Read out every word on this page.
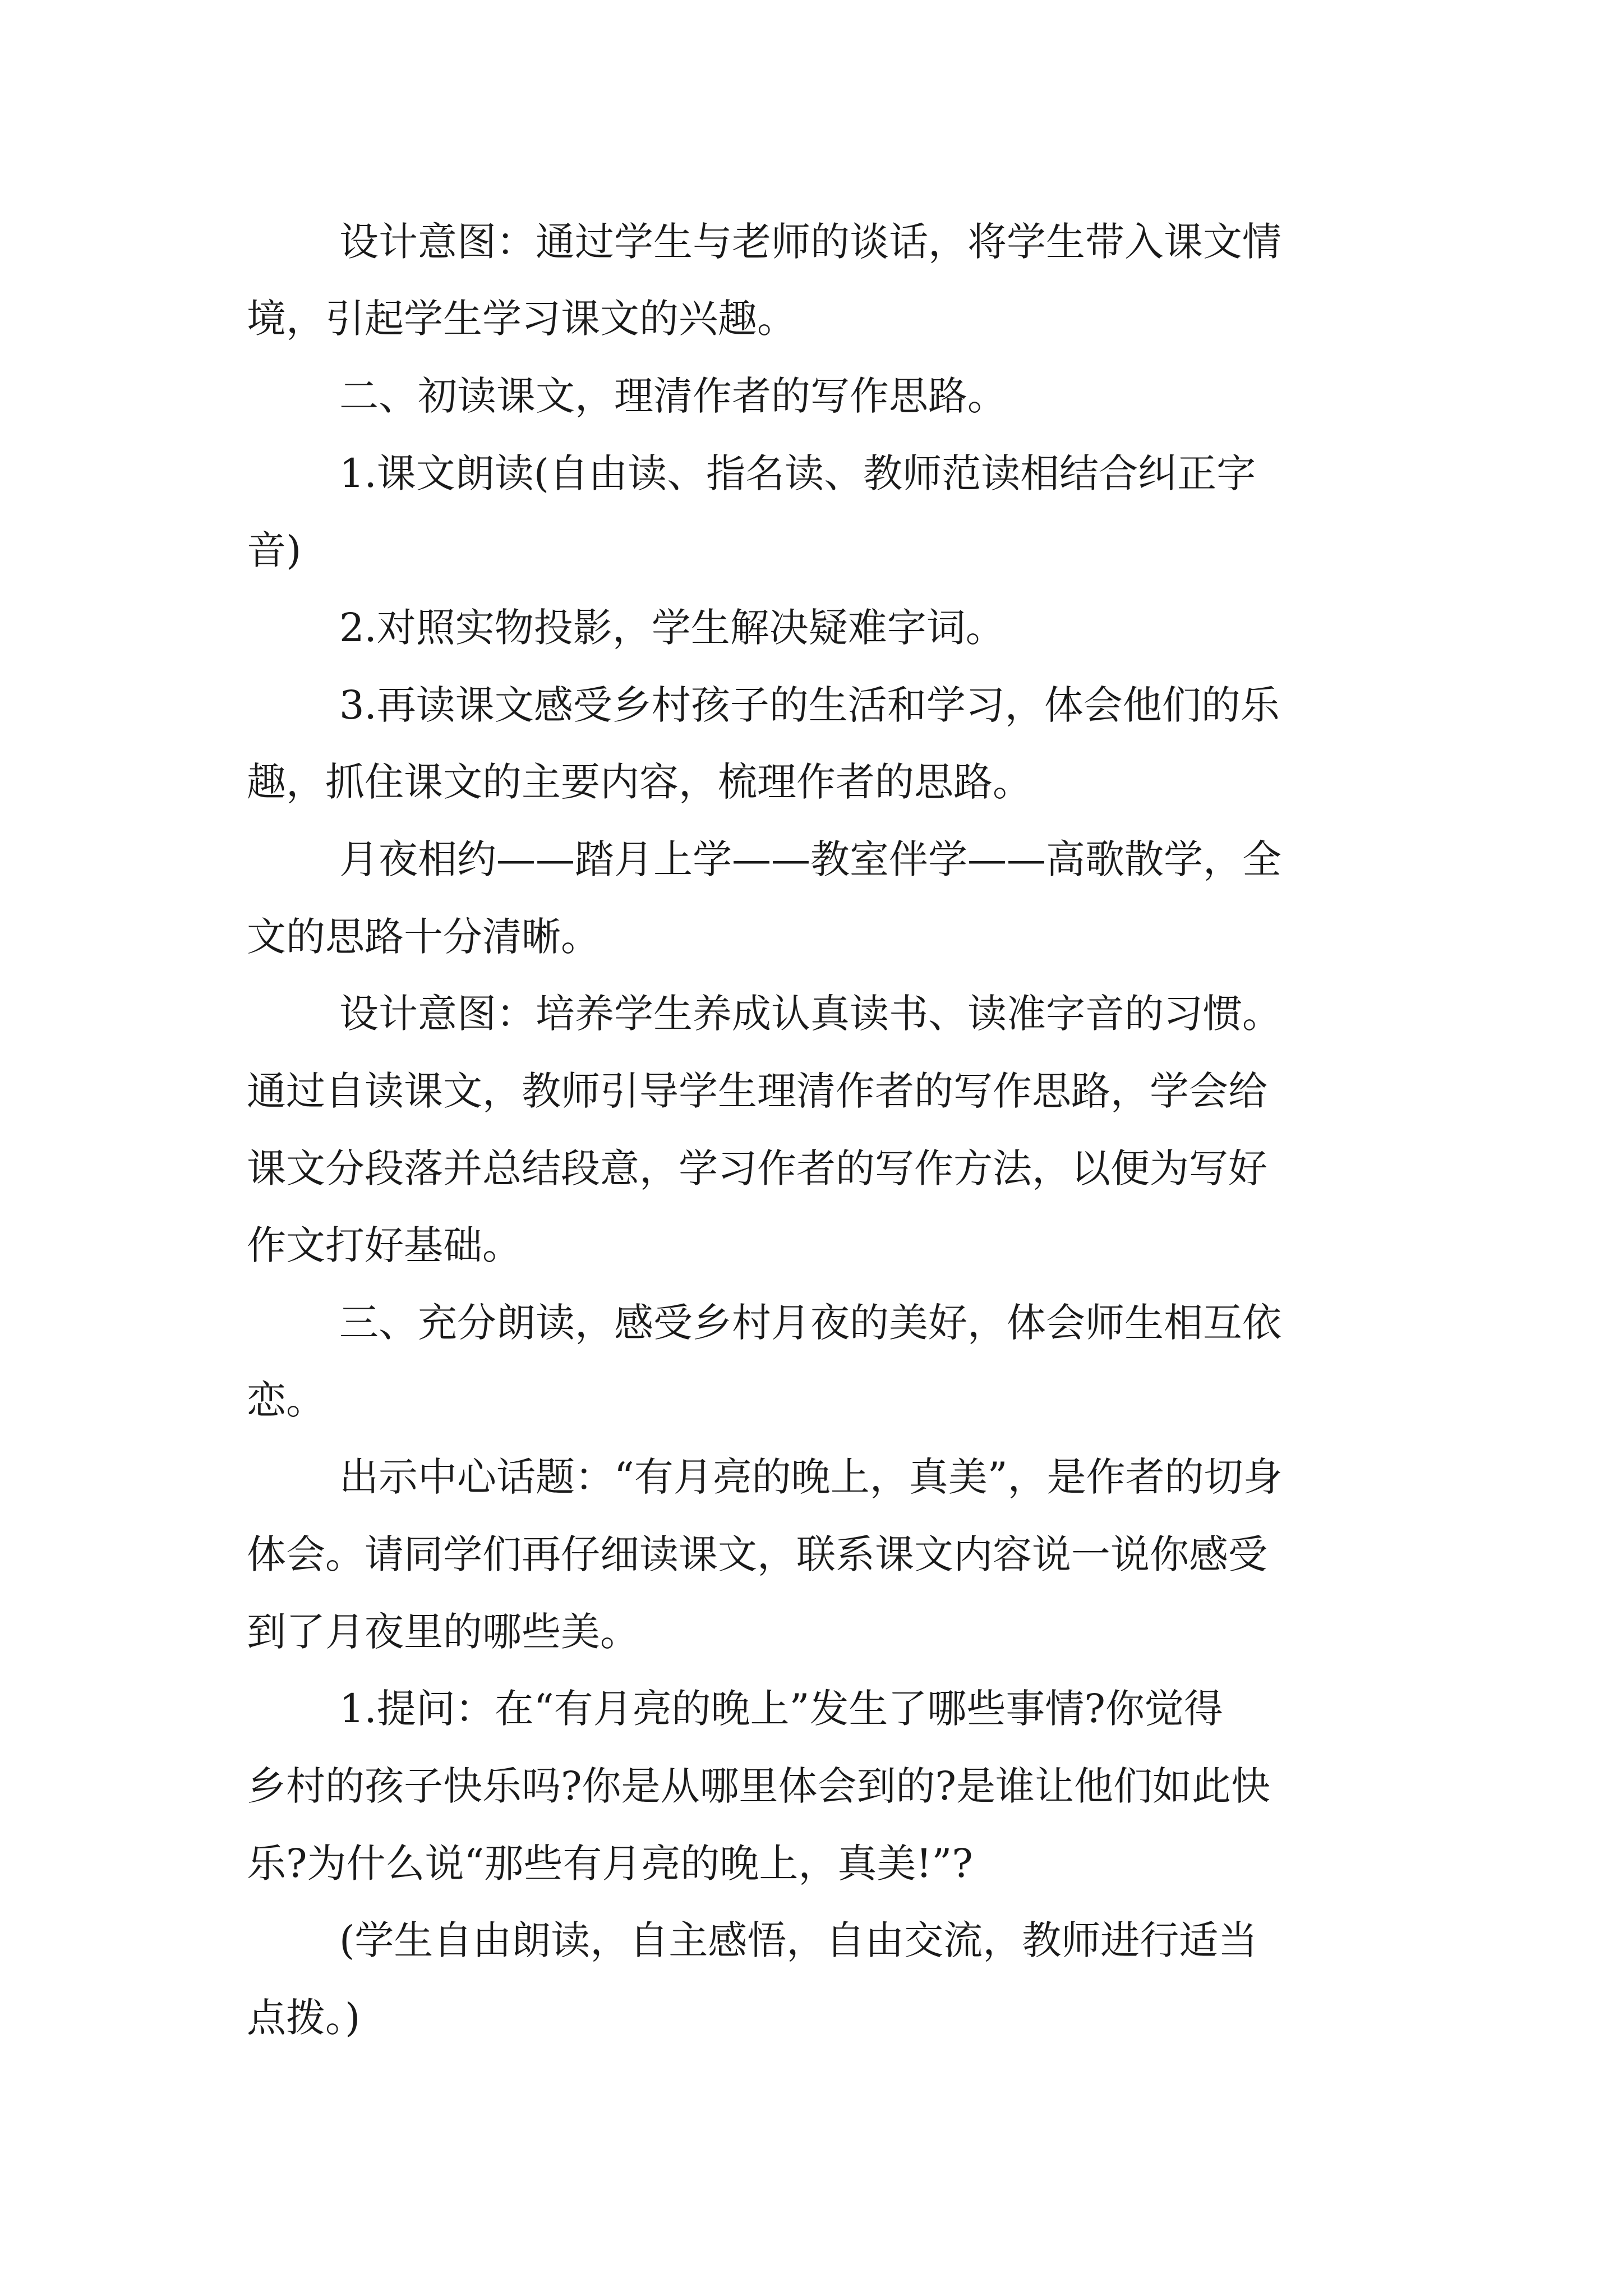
设计意图：通过学生与老师的谈话，将学生带入课文情

境，引起学生学习课文的兴趣。

二、初读课文，理清作者的写作思路。

1.课文朗读(自由读、指名读、教师范读相结合纠正字

音)

2.对照实物投影，学生解决疑难字词。

3.再读课文感受乡村孩子的生活和学习，体会他们的乐

趣，抓住课文的主要内容，梳理作者的思路。

月夜相约——踏月上学——教室伴学——高歌散学，全

文的思路十分清晰。

设计意图：培养学生养成认真读书、读准字音的习惯。

通过自读课文，教师引导学生理清作者的写作思路，学会给

课文分段落并总结段意，学习作者的写作方法，以便为写好

作文打好基础。

三、充分朗读，感受乡村月夜的美好，体会师生相互依

恋。

出示中心话题：“有月亮的晚上，真美”，是作者的切身

体会。请同学们再仔细读课文，联系课文内容说一说你感受

到了月夜里的哪些美。

1.提问：在“有月亮的晚上”发生了哪些事情?你觉得

乡村的孩子快乐吗?你是从哪里体会到的?是谁让他们如此快

乐?为什么说“那些有月亮的晚上，真美!”?

(学生自由朗读，自主感悟，自由交流，教师进行适当

点拨。)
